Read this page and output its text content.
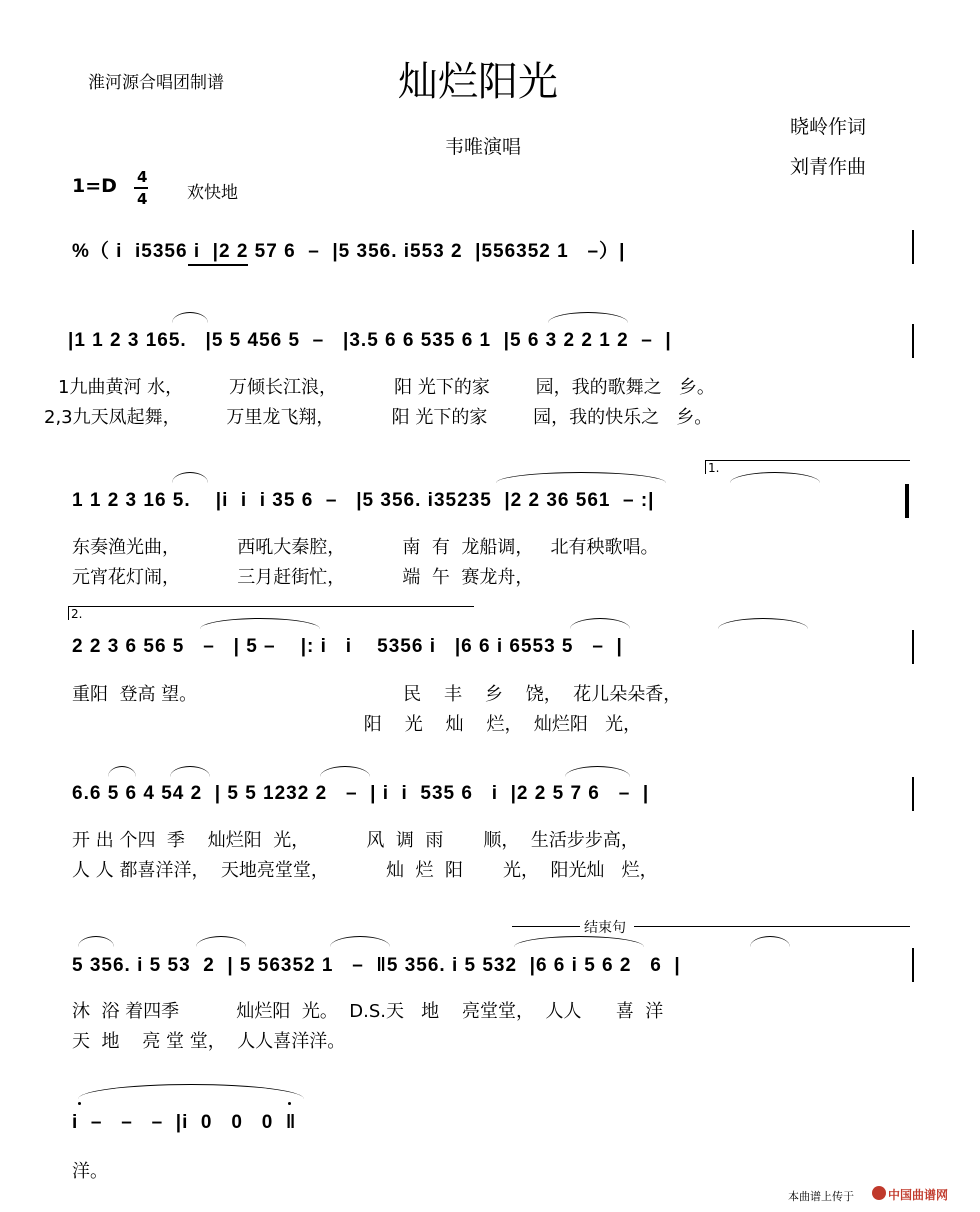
淮河源合唱团制谱	灿烂阳光
晓岭作词
刘青作曲
韦唯演唱
1=D 4
4 欢快地
%（ i  i5356 i  |2 2 57 6  –  |5 356. i553 2  |556352 1   –）|
|1 1 2 3 165.   |5 5 456 5  –   |3.5 6 6 535 6 1  |5 6 3 2 2 1 2  –  |
1九曲黄河 水，        万倾长江浪，          阳 光下的家        园，我的歌舞之   乡。
2,3九天凤起舞，        万里龙飞翔，          阳 光下的家        园，我的快乐之   乡。
1 1 2 3 16 5.    |i  i  i 35 6  –   |5 356. i35235  |2 2 36 561  – :|
东奏渔光曲，          西吼大秦腔，          南  有  龙船调，   北有秧歌唱。
元宵花灯闹，          三月赶街忙，          端  午  赛龙舟，
1.
2 2 3 6 56 5   –   | 5 –    |: i   i    5356 i   |6 6 i 6553 5   –  |
重阳  登高 望。                                    民    丰    乡    饶，  花儿朵朵香，
阳    光    灿    烂，  灿烂阳   光，
2.
6.6 5 6 4 54 2  | 5 5 1232 2   –  | i  i  535 6   i  |2 2 5 7 6   –  |
开 出 个四  季    灿烂阳  光，          风  调  雨       顺，  生活步步高，
人 人 都喜洋洋，  天地亮堂堂，          灿  烂  阳       光，  阳光灿   烂，
5 356. i 5 53  2  | 5 56352 1   –  ‖5 356. i 5 532  |6 6 i 5 6 2   6  |
沐  浴 着四季          灿烂阳  光。  D.S.天   地    亮堂堂，  人人      喜  洋
天  地    亮 堂 堂，  人人喜洋洋。
结束句
i  –   –   –  |i  0   0   0  ‖
洋。
本曲谱上传于	中国曲谱网
